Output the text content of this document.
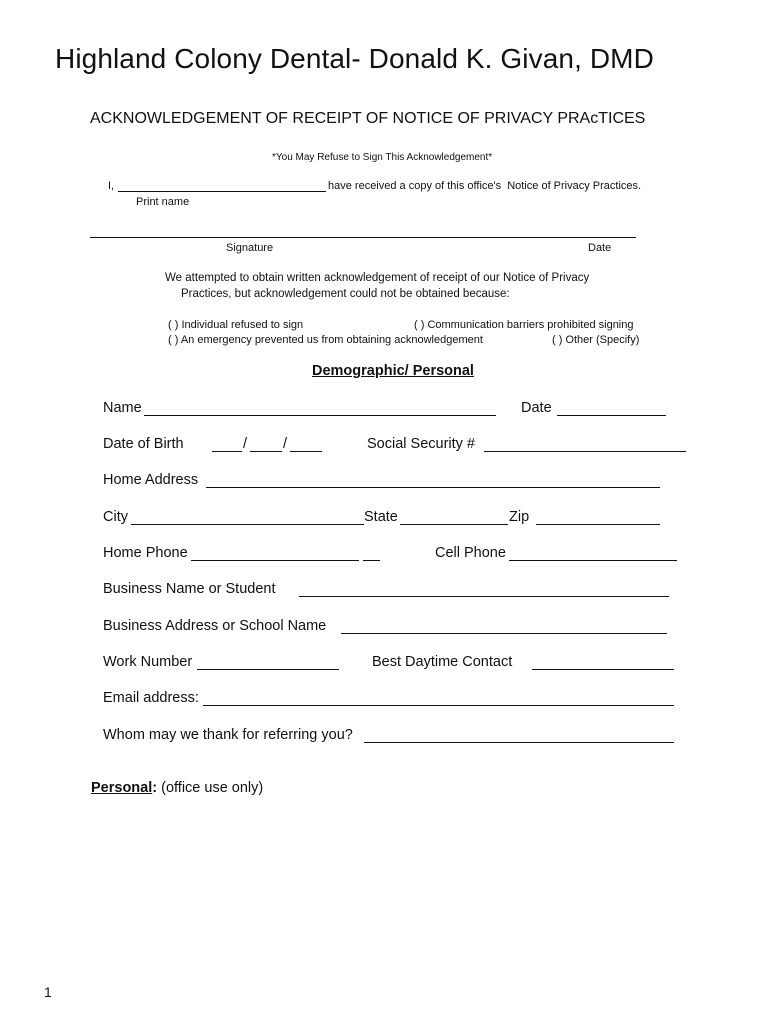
Highland Colony Dental- Donald K. Givan, DMD
ACKNOWLEDGEMENT OF RECEIPT OF NOTICE OF PRIVACY PRAcTICES
*You May Refuse to Sign This Acknowledgement*
I,	have received a copy of this office's  Notice of Privacy Practices.
Print name
Signature	Date
We attempted to obtain written acknowledgement of receipt of our Notice of Privacy
Practices, but acknowledgement could not be obtained because:
( ) Individual refused to sign	( ) Communication barriers prohibited signing
( ) An emergency prevented us from obtaining acknowledgement	( ) Other (Specify)
Demographic/ Personal
Name	Date
Date of Birth	/ /	Social Security #
Home Address
City	State	Zip
Home Phone	Cell Phone
Business Name or Student
Business Address or School Name
Work Number	Best Daytime Contact
Email address:
Whom may we thank for referring you?
Personal: (office use only)
1
